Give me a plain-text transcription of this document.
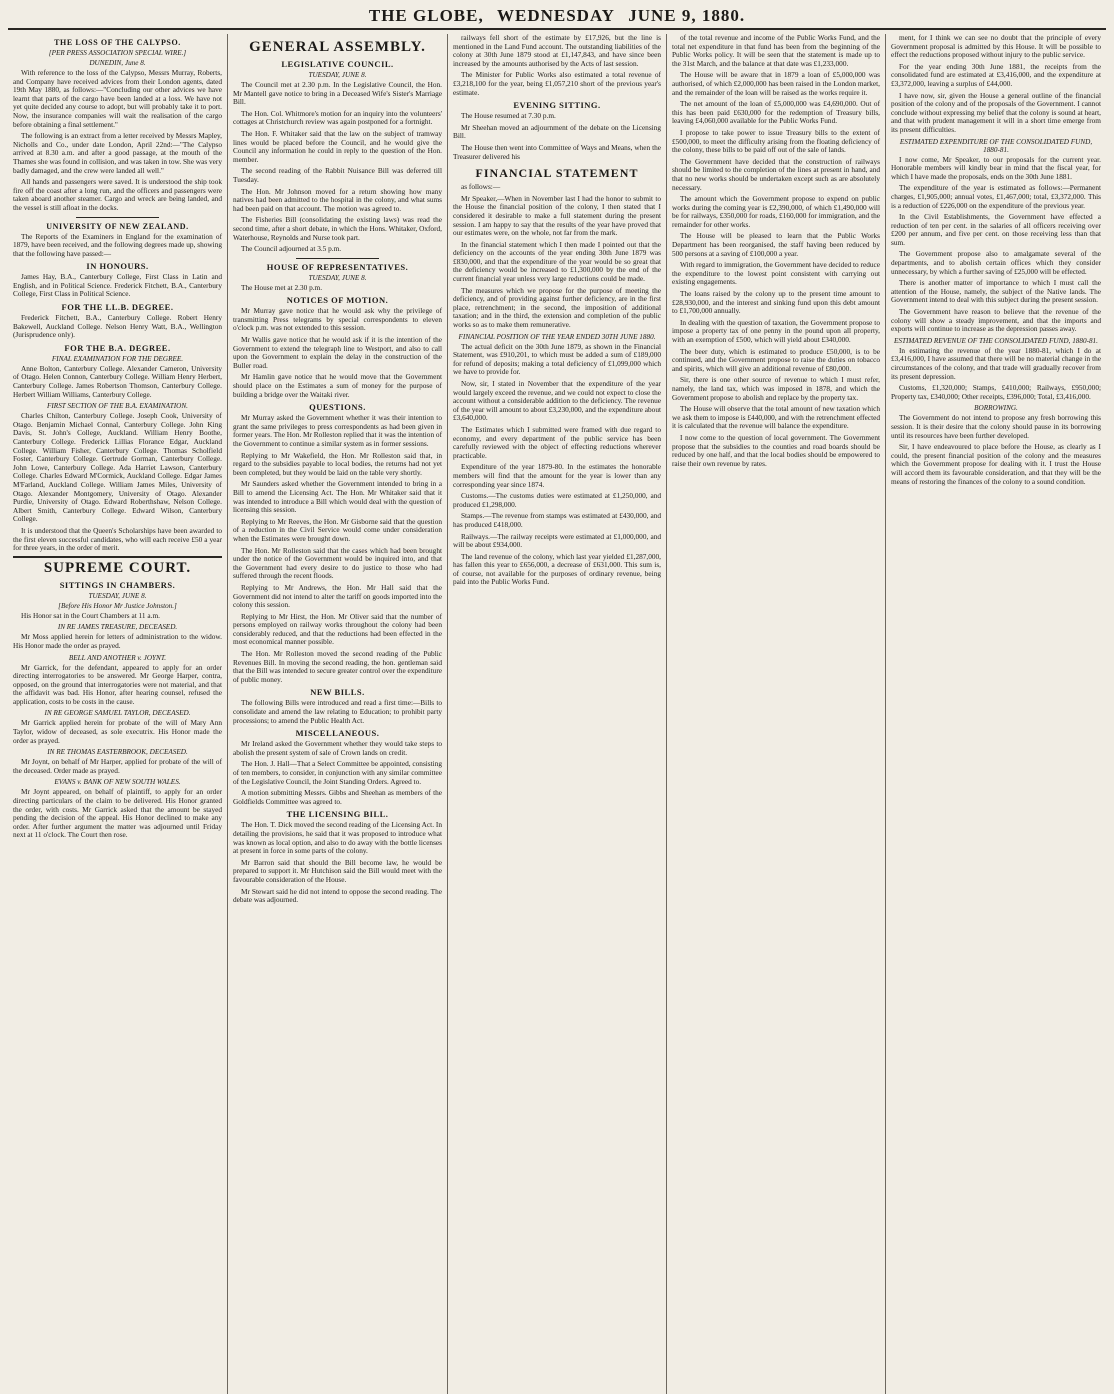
THE GLOBE, WEDNESDAY JUNE 9, 1880.
THE LOSS OF THE CALYPSO.
[PER PRESS ASSOCIATION SPECIAL WIRE.]
DUNEDIN, June 8.

With reference to the loss of the Calypso, Messrs Murray, Roberts, and Company have received advices from their London agents, dated 19th May 1880, as follows:—"Concluding our other advices we have learnt that parts of the cargo have been landed at a loss. We have not yet quite decided any course to adopt, but will probably take it to port. Now, the insurance companies will wait the realisation of the cargo before obtaining a final settlement."

The following is an extract from a letter received by Messrs Mapley, Nicholls and Co., under date London, April 22nd:—"The Calypso arrived at 8.30 a.m. and after a good passage, at the mouth of the Thames she was found in collision, and was taken in tow. She was very badly damaged, and the crew were landed all well."

All hands and passengers were saved. It is understood the ship took fire off the coast after a long run, and the officers and passengers were taken aboard another steamer. Cargo and wreck are being landed, and the vessel is still afloat in the docks.

UNIVERSITY OF NEW ZEALAND.

The Reports of the Examiners in England for the examination of 1879, have been received, and the following degrees made up, showing that the following have passed:—

IN HONOURS.

James Hay, B.A., Canterbury College, First Class in Latin and English, and in Political Science. Frederick Fitchett, B.A., Canterbury College, First Class in Political Science.

FOR THE LL.B. DEGREE.

Frederick Fitchett, B.A., Canterbury College. Robert Henry Bakewell, Auckland College. Nelson Henry Watt, B.A., Wellington (Jurisprudence only).

FOR THE B.A. DEGREE.
FINAL EXAMINATION FOR THE DEGREE.

Anne Bolton, Canterbury College. Alexander Cameron, University of Otago. Helen Connon, Canterbury College. William Henry Herbert, Canterbury College. James Robertson Thomson, Canterbury College. Herbert William Williams, Canterbury College.

FIRST SECTION OF THE B.A. EXAMINATION.

Charles Chilton, Canterbury College. Joseph Cook, University of Otago. Benjamin Michael Connal, Canterbury College. John King Davis, St. John's College, Auckland. William Henry Boothe, Canterbury College. Frederick Lillias Florance Edgar, Auckland College. William Fisher, Canterbury College. Thomas Scholfield Foster, Canterbury College. Gertrude Gorman, Canterbury College. John Lowe, Canterbury College. Ada Harriet Lawson, Canterbury College. Charles Edward M'Cormick, Auckland College. Edgar James M'Farland, Auckland College. William James Miles, University of Otago. Alexander Montgomery, University of Otago. Alexander Purdie, University of Otago. Edward Roberthshaw, Nelson College. Albert Smith, Canterbury College. Edward Wilson, Canterbury College.

It is understood that the Queen's Scholarships have been awarded to the first eleven successful candidates, who will each receive £50 a year for three years, in the order of merit.

SUPREME COURT.
SITTINGS IN CHAMBERS.
TUESDAY, JUNE 8.
[Before His Honor Mr Justice Johnston.]

His Honor sat in the Court Chambers at 11 a.m.

IN RE JAMES TREASURE, DECEASED.

Mr Moss applied herein for letters of administration to the widow. His Honor made the order as prayed.

BELL AND ANOTHER v. JOYNT.

Mr Garrick, for the defendant, appeared to apply for an order directing interrogatories to be answered. Mr George Harper, contra, opposed, on the ground that interrogatories were not material, and that the affidavit was bad. His Honor, after hearing counsel, refused the application, costs to be costs in the cause.

IN RE GEORGE SAMUEL TAYLOR, DECEASED.

Mr Garrick applied herein for probate of the will of Mary Ann Taylor, widow of deceased, as sole executrix. His Honor made the order as prayed.

IN RE THOMAS EASTERBROOK, DECEASED.

Mr Joynt, on behalf of Mr Harper, applied for probate of the will of the deceased. Order made as prayed.

EVANS v. BANK OF NEW SOUTH WALES.

Mr Joynt appeared, on behalf of plaintiff, to apply for an order directing particulars of the claim to be delivered. His Honor granted the order, with costs. Mr Garrick asked that the amount be stayed pending the decision of the appeal. His Honor declined to make any order. After further argument the matter was adjourned until Friday next at 11 o'clock. The Court then rose.

GENERAL ASSEMBLY.
LEGISLATIVE COUNCIL.
TUESDAY, JUNE 8.

The Council met at 2.30 p.m. In the Legislative Council, the Hon. Mr Mantell gave notice to bring in a Deceased Wife's Sister's Marriage Bill.

The Hon. Col. Whitmore's motion for an inquiry into the volunteers' cottages at Christchurch review was again postponed for a fortnight.

The Hon. F. Whitaker said that the law on the subject of tramway lines would be placed before the Council, and he would give the Council any information he could in reply to the question of the Hon. member.

The second reading of the Rabbit Nuisance Bill was deferred till Tuesday.

The Hon. Mr Johnson moved for a return showing how many natives had been admitted to the hospital in the colony, and what sums had been paid on that account. The motion was agreed to.

The Fisheries Bill (consolidating the existing laws) was read the second time, after a short debate, in which the Hons. Whitaker, Oxford, Waterhouse, Reynolds and Nurse took part.

The Council adjourned at 3.5 p.m.

HOUSE OF REPRESENTATIVES.
TUESDAY, JUNE 8.

The House met at 2.30 p.m.

NOTICES OF MOTION.

Mr Murray gave notice that he would ask why the privilege of transmitting Press telegrams by special correspondents to eleven o'clock p.m. was not extended to this session.

Mr Wallis gave notice that he would ask if it is the intention of the Government to extend the telegraph line to Westport, and also to call upon the Government to explain the delay in the construction of the Buller road.

Mr Hamlin gave notice that he would move that the Government should place on the Estimates a sum of money for the purpose of building a bridge over the Waitaki river.

QUESTIONS.

Mr Murray asked the Government whether it was their intention to grant the same privileges to press correspondents as had been given in former years. The Hon. Mr Rolleston replied that it was the intention of the Government to continue a similar system as in former sessions.

Replying to Mr Wakefield, the Hon. Mr Rolleston said that, in regard to the subsidies payable to local bodies, the returns had not yet been completed, but they would be laid on the table very shortly.

Mr Saunders asked whether the Government intended to bring in a Bill to amend the Licensing Act. The Hon. Mr Whitaker said that it was intended to introduce a Bill which would deal with the question of licensing this session.

Replying to Mr Reeves, the Hon. Mr Gisborne said that the question of a reduction in the Civil Service would come under consideration when the Estimates were brought down.

The Hon. Mr Rolleston said that the cases which had been brought under the notice of the Government would be inquired into, and that the Government had every desire to do justice to those who had suffered through the recent floods.

Replying to Mr Andrews, the Hon. Mr Hall said that the Government did not intend to alter the tariff on goods imported into the colony this session.

Replying to Mr Hirst, the Hon. Mr Oliver said that the number of persons employed on railway works throughout the colony had been considerably reduced, and that the reductions had been effected in the most economical manner possible.

The Hon. Mr Rolleston moved the second reading of the Public Revenues Bill. In moving the second reading, the hon. gentleman said that the Bill was intended to secure greater control over the expenditure of public money.

NEW BILLS.

The following Bills were introduced and read a first time:—Bills to consolidate and amend the law relating to Education; to prohibit party processions; to amend the Public Health Act.

MISCELLANEOUS.

Mr Ireland asked the Government whether they would take steps to abolish the present system of sale of Crown lands on credit.

The Hon. J. Hall—That a Select Committee be appointed, consisting of ten members, to consider, in conjunction with any similar committee of the Legislative Council, the Joint Standing Orders. Agreed to.

A motion submitting Messrs. Gibbs and Sheehan as members of the Goldfields Committee was agreed to.

THE LICENSING BILL.

The Hon. T. Dick moved the second reading of the Licensing Act. In detailing the provisions, he said that it was proposed to introduce what was known as local option, and also to do away with the bottle licenses at present in force in some parts of the colony.

Mr Barron said that should the Bill become law, he would be prepared to support it. Mr Hutchison said the Bill would meet with the favourable consideration of the House.

Mr Stewart said he did not intend to oppose the second reading. The debate was adjourned.

railways fell short of the estimate by £17,926, but the line is mentioned in the Land Fund account. The outstanding liabilities of the colony at 30th June 1879 stood at £1,147,843, and have since been increased by the amounts authorised by the Acts of last session.

The Minister for Public Works also estimated a total revenue of £3,218,100 for the year, being £1,057,210 short of the previous year's estimate.

EVENING SITTING.

The House resumed at 7.30 p.m.

Mr Sheehan moved an adjournment of the debate on the Licensing Bill.

The House then went into Committee of Ways and Means, when the Treasurer delivered his

FINANCIAL STATEMENT

as follows:—

Mr Speaker,—When in November last I had the honor to submit to the House the financial position of the colony, I then stated that I considered it desirable to make a full statement during the present session. I am happy to say that the results of the year have proved that our estimates were, on the whole, not far from the mark.

In the financial statement which I then made I pointed out that the deficiency on the accounts of the year ending 30th June 1879 was £830,000, and that the expenditure of the year would be so great that the deficiency would be increased to £1,300,000 by the end of the current financial year unless very large reductions could be made.

The measures which we propose for the purpose of meeting the deficiency, and of providing against further deficiency, are in the first place, retrenchment; in the second, the imposition of additional taxation; and in the third, the extension and completion of the public works so as to make them remunerative.

FINANCIAL POSITION OF THE YEAR ENDED 30TH JUNE 1880.

The actual deficit on the 30th June 1879, as shown in the Financial Statement, was £910,201, to which must be added a sum of £189,000 for refund of deposits; making a total deficiency of £1,099,000 which we have to provide for.

Now, sir, I stated in November that the expenditure of the year would largely exceed the revenue, and we could not expect to close the account without a considerable addition to the deficiency. The revenue of the year will amount to about £3,230,000, and the expenditure about £3,640,000.

The Estimates which I submitted were framed with due regard to economy, and every department of the public service has been carefully reviewed with the object of effecting reductions wherever practicable.

Expenditure of the year 1879-80. In the estimates the honorable members will find that the amount for the year is lower than any corresponding year since 1874.

Customs.—The customs duties were estimated at £1,250,000, and produced £1,298,000.

Stamps.—The revenue from stamps was estimated at £430,000, and has produced £418,000.

Railways.—The railway receipts were estimated at £1,000,000, and will be about £934,000.

The land revenue of the colony, which last year yielded £1,287,000, has fallen this year to £656,000, a decrease of £631,000. This sum is, of course, not available for the purposes of ordinary revenue, being paid into the Public Works Fund.

of the total revenue and income of the Public Works Fund, and the total net expenditure in that fund has been from the beginning of the Public Works policy. It will be seen that the statement is made up to the 31st March, and the balance at that date was £1,233,000.

The House will be aware that in 1879 a loan of £5,000,000 was authorised, of which £2,000,000 has been raised in the London market, and the remainder of the loan will be raised as the works require it.

The net amount of the loan of £5,000,000 was £4,690,000. Out of this has been paid £630,000 for the redemption of Treasury bills, leaving £4,060,000 available for the Public Works Fund.

I propose to take power to issue Treasury bills to the extent of £500,000, to meet the difficulty arising from the floating deficiency of the colony, these bills to be paid off out of the sale of lands.

The Government have decided that the construction of railways should be limited to the completion of the lines at present in hand, and that no new works should be undertaken except such as are absolutely necessary.

The amount which the Government propose to expend on public works during the coming year is £2,390,000, of which £1,490,000 will be for railways, £350,000 for roads, £160,000 for immigration, and the remainder for other works.

The House will be pleased to learn that the Public Works Department has been reorganised, the staff having been reduced by 500 persons at a saving of £100,000 a year.

With regard to immigration, the Government have decided to reduce the expenditure to the lowest point consistent with carrying out existing engagements.

The loans raised by the colony up to the present time amount to £28,930,000, and the interest and sinking fund upon this debt amount to £1,700,000 annually.

In dealing with the question of taxation, the Government propose to impose a property tax of one penny in the pound upon all property, with an exemption of £500, which will yield about £340,000.

The beer duty, which is estimated to produce £50,000, is to be continued, and the Government propose to raise the duties on tobacco and spirits, which will give an additional revenue of £80,000.

Sir, there is one other source of revenue to which I must refer, namely, the land tax, which was imposed in 1878, and which the Government propose to abolish and replace by the property tax.

The House will observe that the total amount of new taxation which we ask them to impose is £440,000, and with the retrenchment effected it is calculated that the revenue will balance the expenditure.

I now come to the question of local government. The Government propose that the subsidies to the counties and road boards should be reduced by one half, and that the local bodies should be empowered to raise their own revenue by rates.

ment, for I think we can see no doubt that the principle of every Government proposal is admitted by this House. It will be possible to effect the reductions proposed without injury to the public service.

For the year ending 30th June 1881, the receipts from the consolidated fund are estimated at £3,416,000, and the expenditure at £3,372,000, leaving a surplus of £44,000.

I have now, sir, given the House a general outline of the financial position of the colony and of the proposals of the Government. I cannot conclude without expressing my belief that the colony is sound at heart, and that with prudent management it will in a short time emerge from its present difficulties.

ESTIMATED EXPENDITURE OF THE CONSOLIDATED FUND, 1880-81.

I now come, Mr Speaker, to our proposals for the current year. Honorable members will kindly bear in mind that the fiscal year, for which I have made the proposals, ends on the 30th June 1881.

The expenditure of the year is estimated as follows:—Permanent charges, £1,905,000; annual votes, £1,467,000; total, £3,372,000. This is a reduction of £226,000 on the expenditure of the previous year.

In the Civil Establishments, the Government have effected a reduction of ten per cent. in the salaries of all officers receiving over £200 per annum, and five per cent. on those receiving less than that sum.

The Government propose also to amalgamate several of the departments, and to abolish certain offices which they consider unnecessary, by which a further saving of £25,000 will be effected.

There is another matter of importance to which I must call the attention of the House, namely, the subject of the Native lands. The Government intend to deal with this subject during the present session.

The Government have reason to believe that the revenue of the colony will show a steady improvement, and that the imports and exports will continue to increase as the depression passes away.

ESTIMATED REVENUE OF THE CONSOLIDATED FUND, 1880-81.

In estimating the revenue of the year 1880-81, which I do at £3,416,000, I have assumed that there will be no material change in the circumstances of the colony, and that trade will gradually recover from its present depression.

Customs, £1,320,000; Stamps, £410,000; Railways, £950,000; Property tax, £340,000; Other receipts, £396,000; Total, £3,416,000.

BORROWING.

The Government do not intend to propose any fresh borrowing this session. It is their desire that the colony should pause in its borrowing until its resources have been further developed.

Sir, I have endeavoured to place before the House, as clearly as I could, the present financial position of the colony and the measures which the Government propose for dealing with it. I trust the House will accord them its favourable consideration, and that they will be the means of restoring the finances of the colony to a sound condition.
